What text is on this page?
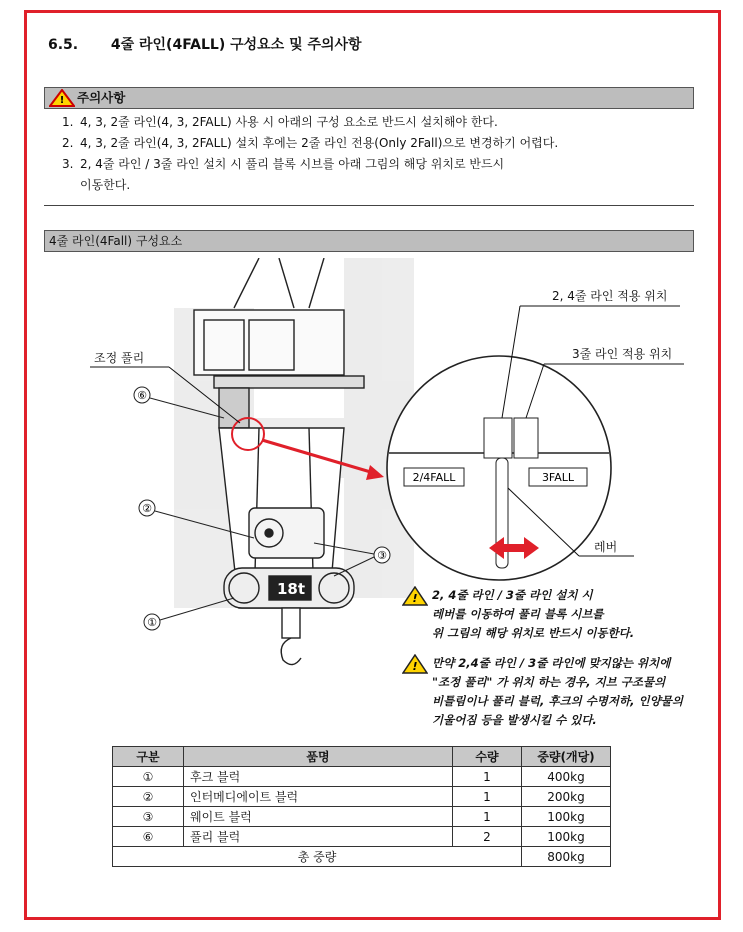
6.5. 4줄 라인(4FALL) 구성요소 및 주의사항
! 주의사항
1. 4, 3, 2줄 라인(4, 3, 2FALL) 사용 시 아래의 구성 요소로 반드시 설치해야 한다.
2. 4, 3, 2줄 라인(4, 3, 2FALL) 설치 후에는 2줄 라인 전용(Only 2Fall)으로 변경하기 어렵다.
3. 2, 4줄 라인 / 3줄 라인 설치 시 풀리 블록 시브를 아래 그림의 해당 위치로 반드시
이동한다.
4줄 라인(4Fall) 구성요소
18t
조정 풀리
⑥
②
③
①
2/4FALL	3FALL
2, 4줄 라인 적용 위치
3줄 라인 적용 위치
레버
! 2, 4줄 라인 / 3줄 라인 설치 시
레버를 이동하여 풀리 블록 시브를
위 그림의 해당 위치로 반드시 이동한다.
! 만약 2,4줄 라인 / 3줄 라인에 맞지않는 위치에
"조정 풀리" 가 위치 하는 경우, 지브 구조물의
비틀림이나 풀리 블럭, 후크의 수명저하, 인양물의
기울어짐 등을 발생시킬 수 있다.
구분	품명	수량	중량(개당)
①	후크 블럭	1	400kg
②	인터메디에이트 블럭	1	200kg
③	웨이트 블럭	1	100kg
⑥	풀리 블럭	2	100kg
총 중량			800kg
